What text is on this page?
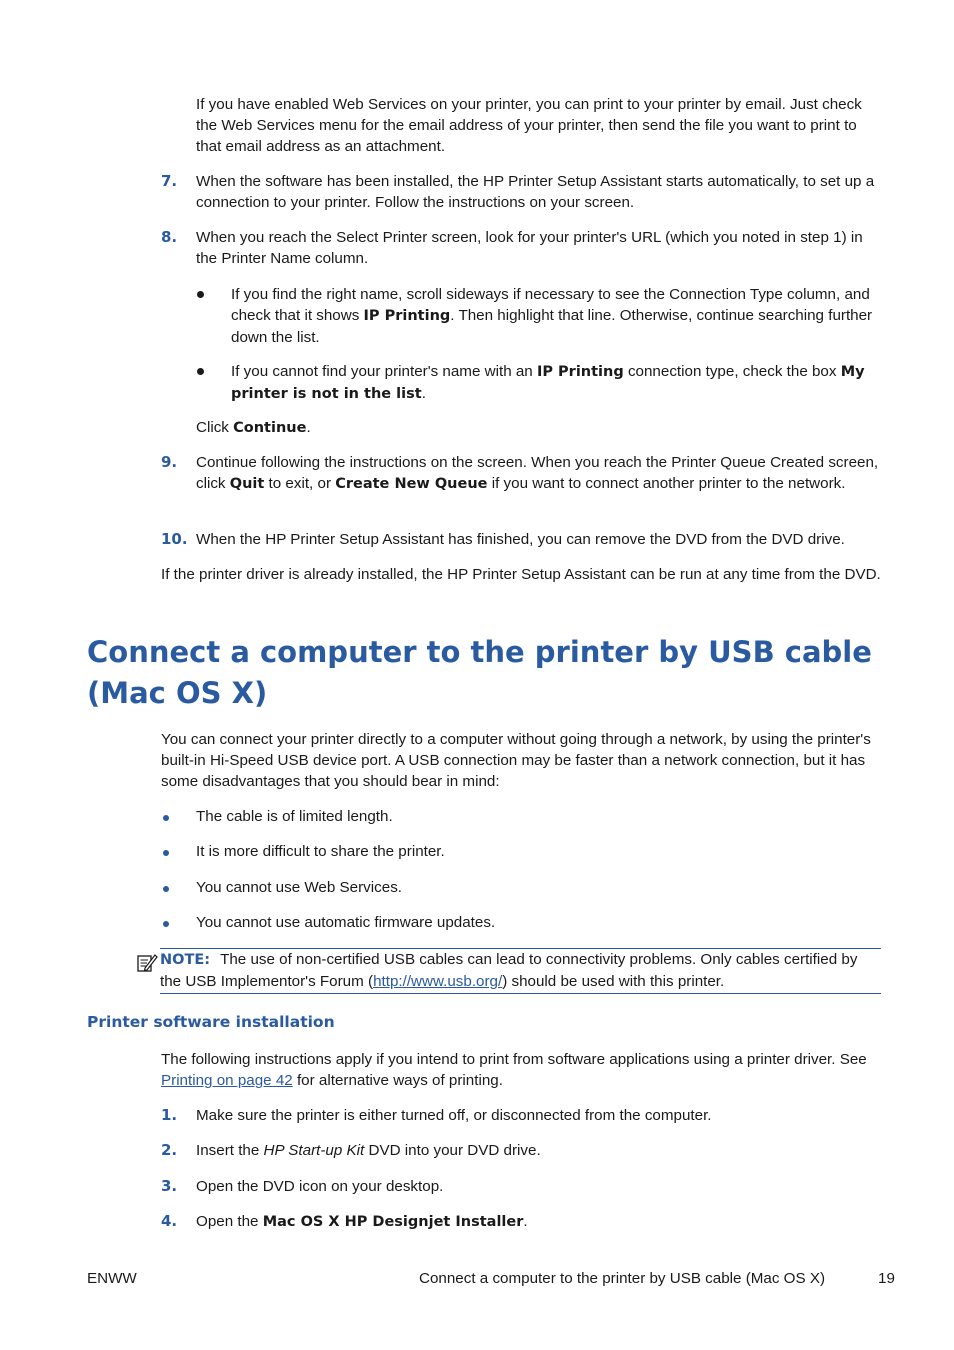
If you have enabled Web Services on your printer, you can print to your printer by email. Just check the Web Services menu for the email address of your printer, then send the file you want to print to that email address as an attachment.

7. When the software has been installed, the HP Printer Setup Assistant starts automatically, to set up a connection to your printer. Follow the instructions on your screen.

8. When you reach the Select Printer screen, look for your printer's URL (which you noted in step 1) in the Printer Name column.

If you find the right name, scroll sideways if necessary to see the Connection Type column, and check that it shows IP Printing. Then highlight that line. Otherwise, continue searching further down the list.

If you cannot find your printer's name with an IP Printing connection type, check the box My printer is not in the list.

Click Continue.

9. Continue following the instructions on the screen. When you reach the Printer Queue Created screen, click Quit to exit, or Create New Queue if you want to connect another printer to the network.

10. When the HP Printer Setup Assistant has finished, you can remove the DVD from the DVD drive.

If the printer driver is already installed, the HP Printer Setup Assistant can be run at any time from the DVD.

Connect a computer to the printer by USB cable (Mac OS X)

You can connect your printer directly to a computer without going through a network, by using the printer's built-in Hi-Speed USB device port. A USB connection may be faster than a network connection, but it has some disadvantages that you should bear in mind:

The cable is of limited length.

It is more difficult to share the printer.

You cannot use Web Services.

You cannot use automatic firmware updates.

NOTE: The use of non-certified USB cables can lead to connectivity problems. Only cables certified by the USB Implementor's Forum (http://www.usb.org/) should be used with this printer.
Printer software installation

The following instructions apply if you intend to print from software applications using a printer driver. See Printing on page 42 for alternative ways of printing.

1. Make sure the printer is either turned off, or disconnected from the computer.

2. Insert the HP Start-up Kit DVD into your DVD drive.

3. Open the DVD icon on your desktop.

4. Open the Mac OS X HP Designjet Installer.

ENWW	Connect a computer to the printer by USB cable (Mac OS X)	19
